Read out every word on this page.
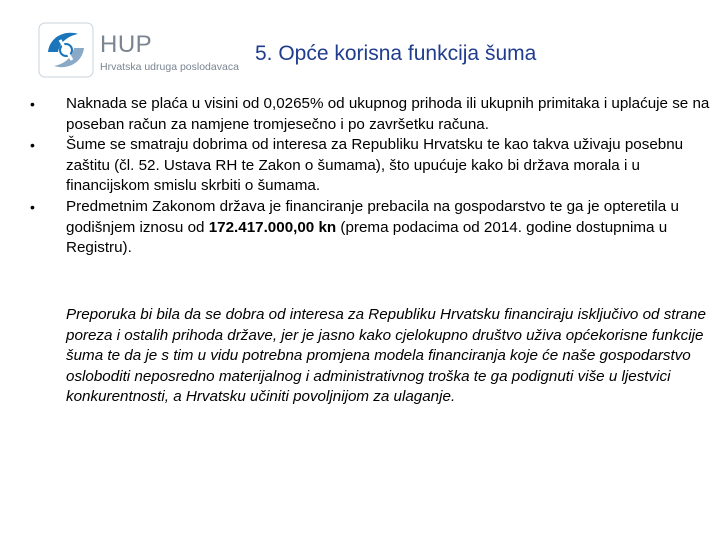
HUP
Hrvatska udruga poslodavaca
5. Opće korisna funkcija šuma
• Naknada se plaća u visini od 0,0265% od ukupnog prihoda ili ukupnih primitaka i uplaćuje se na poseban račun za namjene tromjesečno i po završetku računa.
• Šume se smatraju dobrima od interesa za Republiku Hrvatsku te kao takva uživaju posebnu zaštitu (čl. 52. Ustava RH te Zakon o šumama), što upućuje kako bi država morala i u financijskom smislu skrbiti o šumama.
• Predmetnim Zakonom država je financiranje prebacila na gospodarstvo te ga je opteretila u godišnjem iznosu od 172.417.000,00 kn (prema podacima od 2014. godine dostupnima u Registru).
Preporuka bi bila da se dobra od interesa za Republiku Hrvatsku financiraju isključivo od strane poreza i ostalih prihoda države, jer je jasno kako cjelokupno društvo uživa općekorisne funkcije šuma te da je s tim u vidu potrebna promjena modela financiranja koje će naše gospodarstvo osloboditi neposredno materijalnog i administrativnog troška te ga podignuti više u ljestvici konkurentnosti, a Hrvatsku učiniti povoljnijom za ulaganje.
